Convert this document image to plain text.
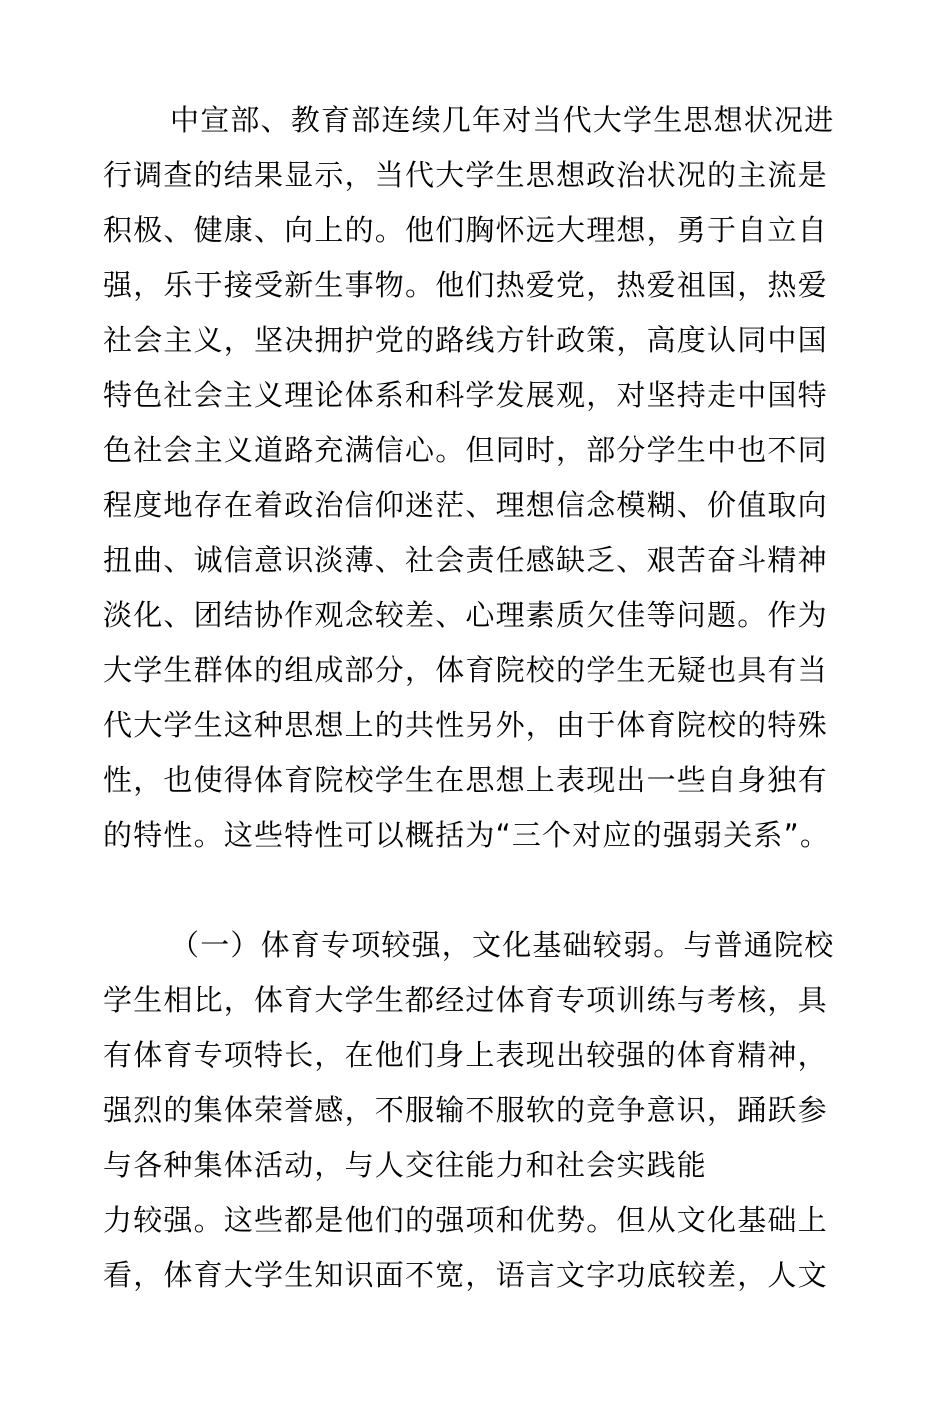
中宣部、教育部连续几年对当代大学生思想状况进
行调查的结果显示，当代大学生思想政治状况的主流是
积极、健康、向上的。他们胸怀远大理想，勇于自立自
强，乐于接受新生事物。他们热爱党，热爱祖国，热爱
社会主义，坚决拥护党的路线方针政策，高度认同中国
特色社会主义理论体系和科学发展观，对坚持走中国特
色社会主义道路充满信心。但同时，部分学生中也不同
程度地存在着政治信仰迷茫、理想信念模糊、价值取向
扭曲、诚信意识淡薄、社会责任感缺乏、艰苦奋斗精神
淡化、团结协作观念较差、心理素质欠佳等问题。作为
大学生群体的组成部分，体育院校的学生无疑也具有当
代大学生这种思想上的共性另外，由于体育院校的特殊
性，也使得体育院校学生在思想上表现出一些自身独有
的特性。这些特性可以概括为“三个对应的强弱关系”。
（一）体育专项较强，文化基础较弱。与普通院校
学生相比，体育大学生都经过体育专项训练与考核，具
有体育专项特长，在他们身上表现出较强的体育精神，
强烈的集体荣誉感，不服输不服软的竞争意识，踊跃参
与各种集体活动，与人交往能力和社会实践能
力较强。这些都是他们的强项和优势。但从文化基础上
看，体育大学生知识面不宽，语言文字功底较差，人文
